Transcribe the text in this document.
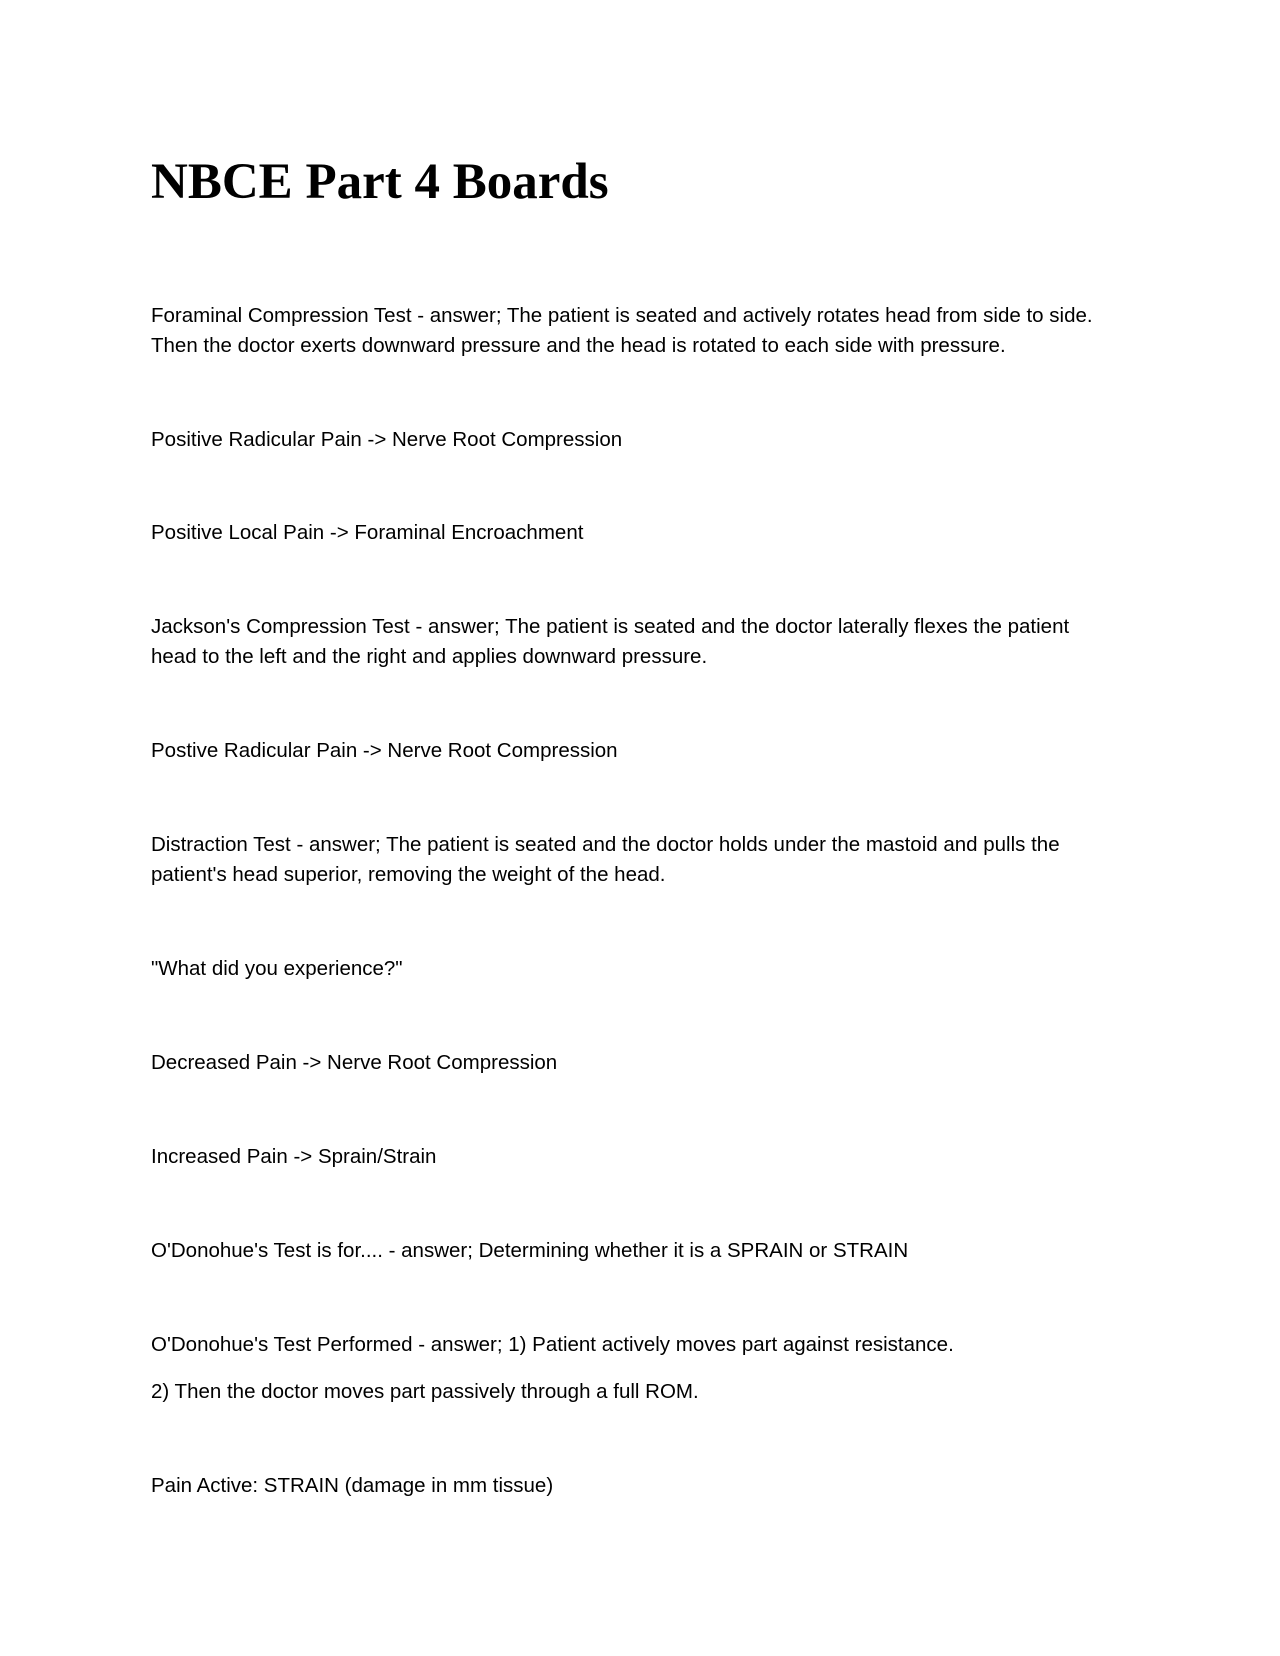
NBCE Part 4 Boards

Foraminal Compression Test - answer; The patient is seated and actively rotates head from side to side.
Then the doctor exerts downward pressure and the head is rotated to each side with pressure.

Positive Radicular Pain -> Nerve Root Compression

Positive Local Pain -> Foraminal Encroachment

Jackson's Compression Test - answer; The patient is seated and the doctor laterally flexes the patient
head to the left and the right and applies downward pressure.

Postive Radicular Pain -> Nerve Root Compression

Distraction Test - answer; The patient is seated and the doctor holds under the mastoid and pulls the
patient's head superior, removing the weight of the head.

"What did you experience?"

Decreased Pain -> Nerve Root Compression

Increased Pain -> Sprain/Strain

O'Donohue's Test is for.... - answer; Determining whether it is a SPRAIN or STRAIN

O'Donohue's Test Performed - answer; 1) Patient actively moves part against resistance.

2) Then the doctor moves part passively through a full ROM.

Pain Active: STRAIN (damage in mm tissue)
